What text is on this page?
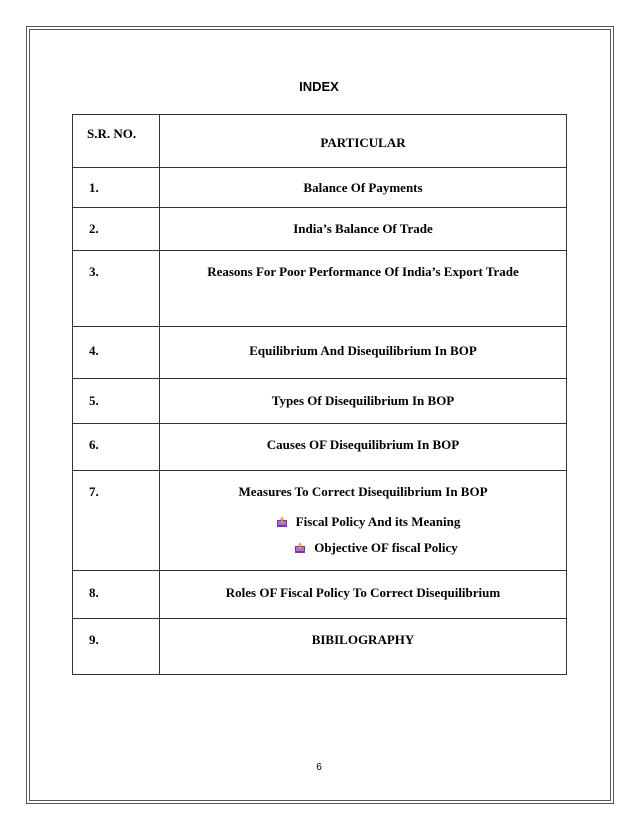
INDEX
S.R. NO.	PARTICULAR
1.	Balance Of Payments
2.	India’s Balance Of Trade
3.	Reasons For Poor Performance Of India’s Export Trade
4.	Equilibrium And Disequilibrium In BOP
5.	Types Of Disequilibrium In BOP
6.	Causes OF Disequilibrium In BOP
7.	Measures To Correct Disequilibrium In BOP
Fiscal Policy And its Meaning
Objective OF fiscal Policy

8.	Roles OF Fiscal Policy To Correct Disequilibrium
9.	BIBILOGRAPHY
6
